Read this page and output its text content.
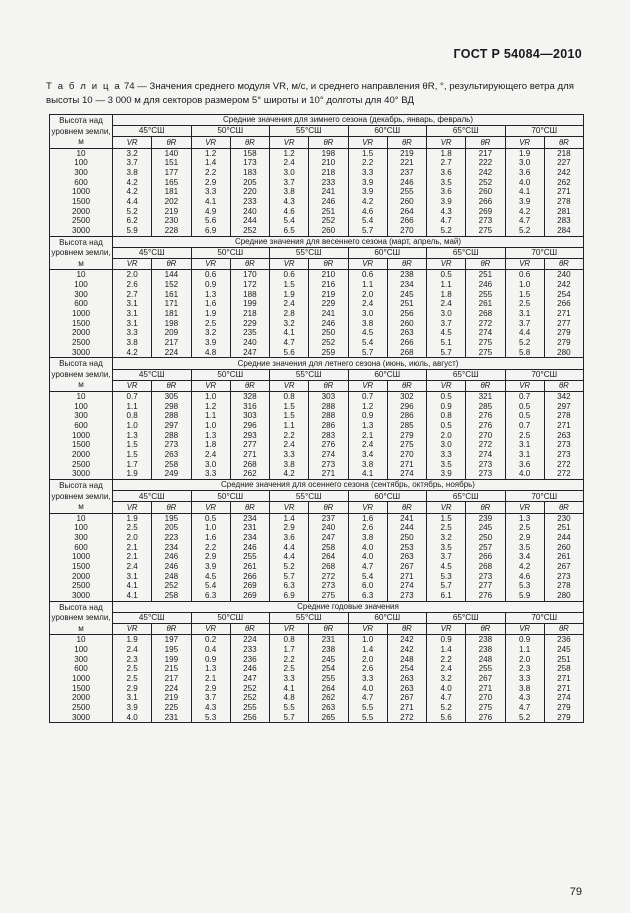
ГОСТ Р 54084—2010
Т а б л и ц а 74 — Значения среднего модуля VR, м/с, и среднего направления θR, °, результирующего ветра для высоты 10 — 3 000 м для секторов размером 5° широты и 10° долготы для 40° ВД
Высота над уровнем земли, м	Средние значения для зимнего сезона (декабрь, январь, февраль)											
	45°СШ		50°СШ		55°СШ		60°СШ		65°СШ		70°СШ	
	VR	θR	VR	θR	VR	θR	VR	θR	VR	θR	VR	θR
10	3.2	140	1.2	158	1.2	198	1.5	219	1.8	217	1.9	218
100	3.7	151	1.4	173	2.4	210	2.2	221	2.7	222	3.0	227
300	3.8	177	2.2	183	3.0	218	3.3	237	3.6	242	3.6	242
600	4.2	165	2.9	205	3.7	233	3.9	246	3.5	252	4.0	262
1000	4.2	181	3.3	220	3.8	241	3.9	255	3.6	260	4.1	271
1500	4.4	202	4.1	233	4.3	246	4.2	260	3.9	266	3.9	278
2000	5.2	219	4.9	240	4.6	251	4.6	264	4.3	269	4.2	281
2500	6.2	230	5.6	244	5.4	252	5.4	266	4.7	273	4.7	283
3000	5.9	228	6.9	252	6.5	260	5.7	270	5.2	275	5.2	284
Высота над уровнем земли, м	Средние значения для весеннего сезона (март, апрель, май)											
	45°СШ		50°СШ		55°СШ		60°СШ		65°СШ		70°СШ	
	VR	θR	VR	θR	VR	θR	VR	θR	VR	θR	VR	θR
10	2.0	144	0.6	170	0.6	210	0.6	238	0.5	251	0.6	240
100	2.6	152	0.9	172	1.5	216	1.1	234	1.1	246	1.0	242
300	2.7	161	1.3	188	1.9	219	2.0	245	1.8	255	1.5	254
600	3.1	171	1.6	199	2.4	229	2.4	251	2.4	261	2.5	266
1000	3.1	181	1.9	218	2.8	241	3.0	256	3.0	268	3.1	271
1500	3.1	198	2.5	229	3.2	246	3.8	260	3.7	272	3.7	277
2000	3.3	209	3.2	235	4.1	250	4.5	263	4.5	274	4.4	279
2500	3.8	217	3.9	240	4.7	252	5.4	266	5.1	275	5.2	279
3000	4.2	224	4.8	247	5.6	259	5.7	268	5.7	275	5.8	280
Высота над уровнем земли, м	Средние значения для летнего сезона (июнь, июль, август)											
	45°СШ		50°СШ		55°СШ		60°СШ		65°СШ		70°СШ	
	VR	θR	VR	θR	VR	θR	VR	θR	VR	θR	VR	θR
10	0.7	305	1.0	328	0.8	303	0.7	302	0.5	321	0.7	342
100	1.1	298	1.2	316	1.5	288	1.2	296	0.9	285	0.5	297
300	0.8	288	1.1	303	1.5	288	0.9	286	0.8	276	0.5	278
600	1.0	297	1.0	296	1.1	286	1.3	285	0.5	276	0.7	271
1000	1.3	288	1.3	293	2.2	283	2.1	279	2.0	270	2.5	263
1500	1.5	273	1.8	277	2.4	276	2.4	275	3.0	272	3.1	273
2000	1.5	263	2.4	271	3.3	274	3.4	270	3.3	274	3.1	273
2500	1.7	258	3.0	268	3.8	273	3.8	271	3.5	273	3.6	272
3000	1.9	249	3.3	262	4.2	271	4.1	274	3.9	273	4.0	272
Высота над уровнем земли, м	Средние значения для осеннего сезона (сентябрь, октябрь, ноябрь)											
	45°СШ		50°СШ		55°СШ		60°СШ		65°СШ		70°СШ	
	VR	θR	VR	θR	VR	θR	VR	θR	VR	θR	VR	θR
10	1.9	195	0.5	234	1.4	237	1.6	241	1.5	239	1.3	230
100	2.5	205	1.0	231	2.9	240	2.6	244	2.5	245	2.5	251
300	2.0	223	1.6	234	3.6	247	3.8	250	3.2	250	2.9	244
600	2.1	234	2.2	246	4.4	258	4.0	253	3.5	257	3.5	260
1000	2.1	246	2.9	255	4.4	264	4.0	263	3.7	266	3.4	261
1500	2.4	246	3.9	261	5.2	268	4.7	267	4.5	268	4.2	267
2000	3.1	248	4.5	266	5.7	272	5.4	271	5.3	273	4.6	273
2500	4.1	252	5.4	269	6.3	273	6.0	274	5.7	277	5.3	278
3000	4.1	258	6.3	269	6.9	275	6.3	273	6.1	276	5.9	280
Высота над уровнем земли, м	Средние годовые значения											
	45°СШ		50°СШ		55°СШ		60°СШ		65°СШ		70°СШ	
	VR	θR	VR	θR	VR	θR	VR	θR	VR	θR	VR	θR
10	1.9	197	0.2	224	0.8	231	1.0	242	0.9	238	0.9	236
100	2.4	195	0.4	233	1.7	238	1.4	242	1.4	238	1.1	245
300	2.3	199	0.9	236	2.2	245	2.0	248	2.2	248	2.0	251
600	2.5	215	1.3	246	2.5	254	2.6	254	2.4	255	2.3	258
1000	2.5	217	2.1	247	3.3	255	3.3	263	3.2	267	3.3	271
1500	2.9	224	2.9	252	4.1	264	4.0	263	4.0	271	3.8	271
2000	3.1	219	3.7	252	4.8	262	4.7	267	4.7	270	4.3	274
2500	3.9	225	4.3	255	5.5	263	5.5	271	5.2	275	4.7	279
3000	4.0	231	5.3	256	5.7	265	5.5	272	5.6	276	5.2	279
79
